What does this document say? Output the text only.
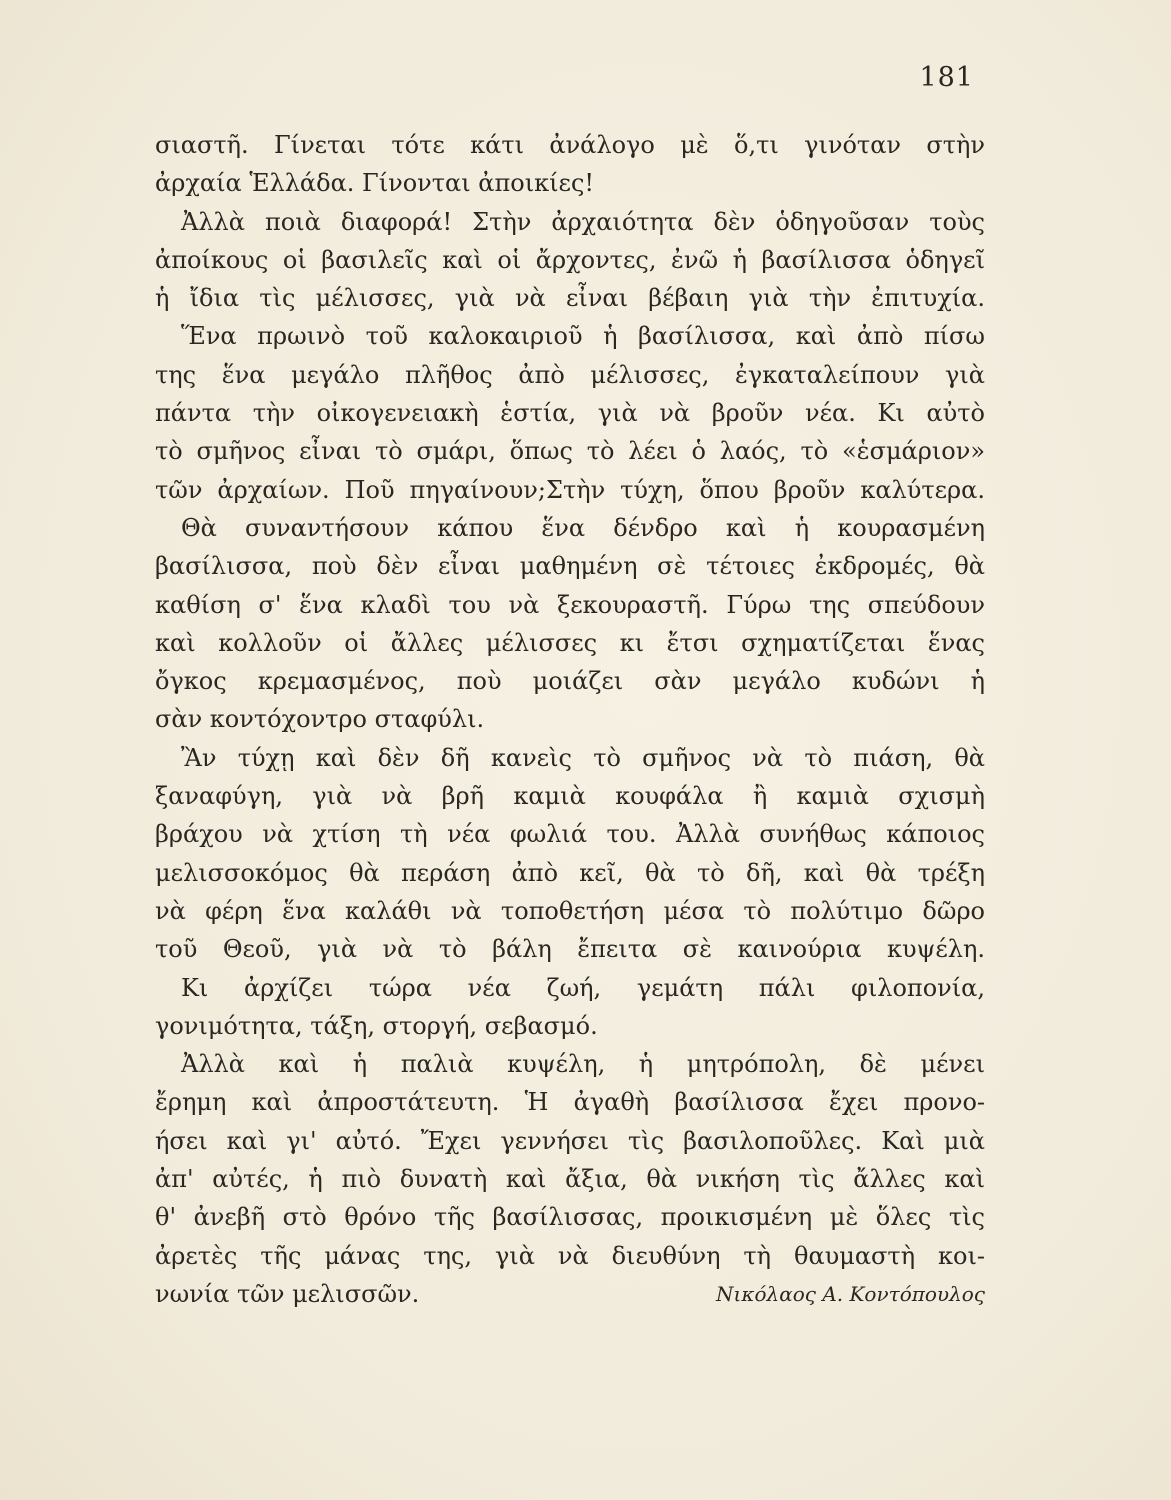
181
σιαστῆ. Γίνεται τότε κάτι ἀνάλογο μὲ ὅ,τι γινόταν στὴν
ἀρχαία Ἑλλάδα. Γίνονται ἀποικίες!
Ἀλλὰ ποιὰ διαφορά! Στὴν ἀρχαιότητα δὲν ὁδηγοῦσαν τοὺς
ἀποίκους οἱ βασιλεῖς καὶ οἱ ἄρχοντες, ἐνῶ ἡ βασίλισσα ὁδηγεῖ
ἡ ἴδια τὶς μέλισσες, γιὰ νὰ εἶναι βέβαιη γιὰ τὴν ἐπιτυχία.
Ἕνα πρωινὸ τοῦ καλοκαιριοῦ ἡ βασίλισσα, καὶ ἀπὸ πίσω
της ἕνα μεγάλο πλῆθος ἀπὸ μέλισσες, ἐγκαταλείπουν γιὰ
πάντα τὴν οἰκογενειακὴ ἑστία, γιὰ νὰ βροῦν νέα. Κι αὐτὸ
τὸ σμῆνος εἶναι τὸ σμάρι, ὅπως τὸ λέει ὁ λαός, τὸ «ἑσμάριον»
τῶν ἀρχαίων. Ποῦ πηγαίνουν;Στὴν τύχη, ὅπου βροῦν καλύτερα.
Θὰ συναντήσουν κάπου ἕνα δένδρο καὶ ἡ κουρασμένη
βασίλισσα, ποὺ δὲν εἶναι μαθημένη σὲ τέτοιες ἐκδρομές, θὰ
καθίση σ' ἕνα κλαδὶ του νὰ ξεκουραστῆ. Γύρω της σπεύδουν
καὶ κολλοῦν οἱ ἄλλες μέλισσες κι ἔτσι σχηματίζεται ἕνας
ὄγκος κρεμασμένος, ποὺ μοιάζει σὰν μεγάλο κυδώνι ἡ
σὰν κοντόχοντρο σταφύλι.
Ἂν τύχῃ καὶ δὲν δῆ κανεὶς τὸ σμῆνος νὰ τὸ πιάση, θὰ
ξαναφύγη, γιὰ νὰ βρῆ καμιὰ κουφάλα ἢ καμιὰ σχισμὴ
βράχου νὰ χτίση τὴ νέα φωλιά του. Ἀλλὰ συνήθως κάποιος
μελισσοκόμος θὰ περάση ἀπὸ κεῖ, θὰ τὸ δῆ, καὶ θὰ τρέξη
νὰ φέρη ἕνα καλάθι νὰ τοποθετήση μέσα τὸ πολύτιμο δῶρο
τοῦ Θεοῦ, γιὰ νὰ τὸ βάλη ἔπειτα σὲ καινούρια κυψέλη.
Κι ἀρχίζει τώρα νέα ζωή, γεμάτη πάλι φιλοπονία,
γονιμότητα, τάξη, στοργή, σεβασμό.
Ἀλλὰ καὶ ἡ παλιὰ κυψέλη, ἡ μητρόπολη, δὲ μένει
ἔρημη καὶ ἀπροστάτευτη. Ἡ ἀγαθὴ βασίλισσα ἔχει προνο-
ήσει καὶ γι' αὐτό. Ἔχει γεννήσει τὶς βασιλοποῦλες. Καὶ μιὰ
ἀπ' αὐτές, ἡ πιὸ δυνατὴ καὶ ἄξια, θὰ νικήση τὶς ἄλλες καὶ
θ' ἀνεβῆ στὸ θρόνο τῆς βασίλισσας, προικισμένη μὲ ὅλες τὶς
ἀρετὲς τῆς μάνας της, γιὰ νὰ διευθύνη τὴ θαυμαστὴ κοι-
νωνία τῶν μελισσῶν.	Νικόλαος Α. Κοντόπουλος
